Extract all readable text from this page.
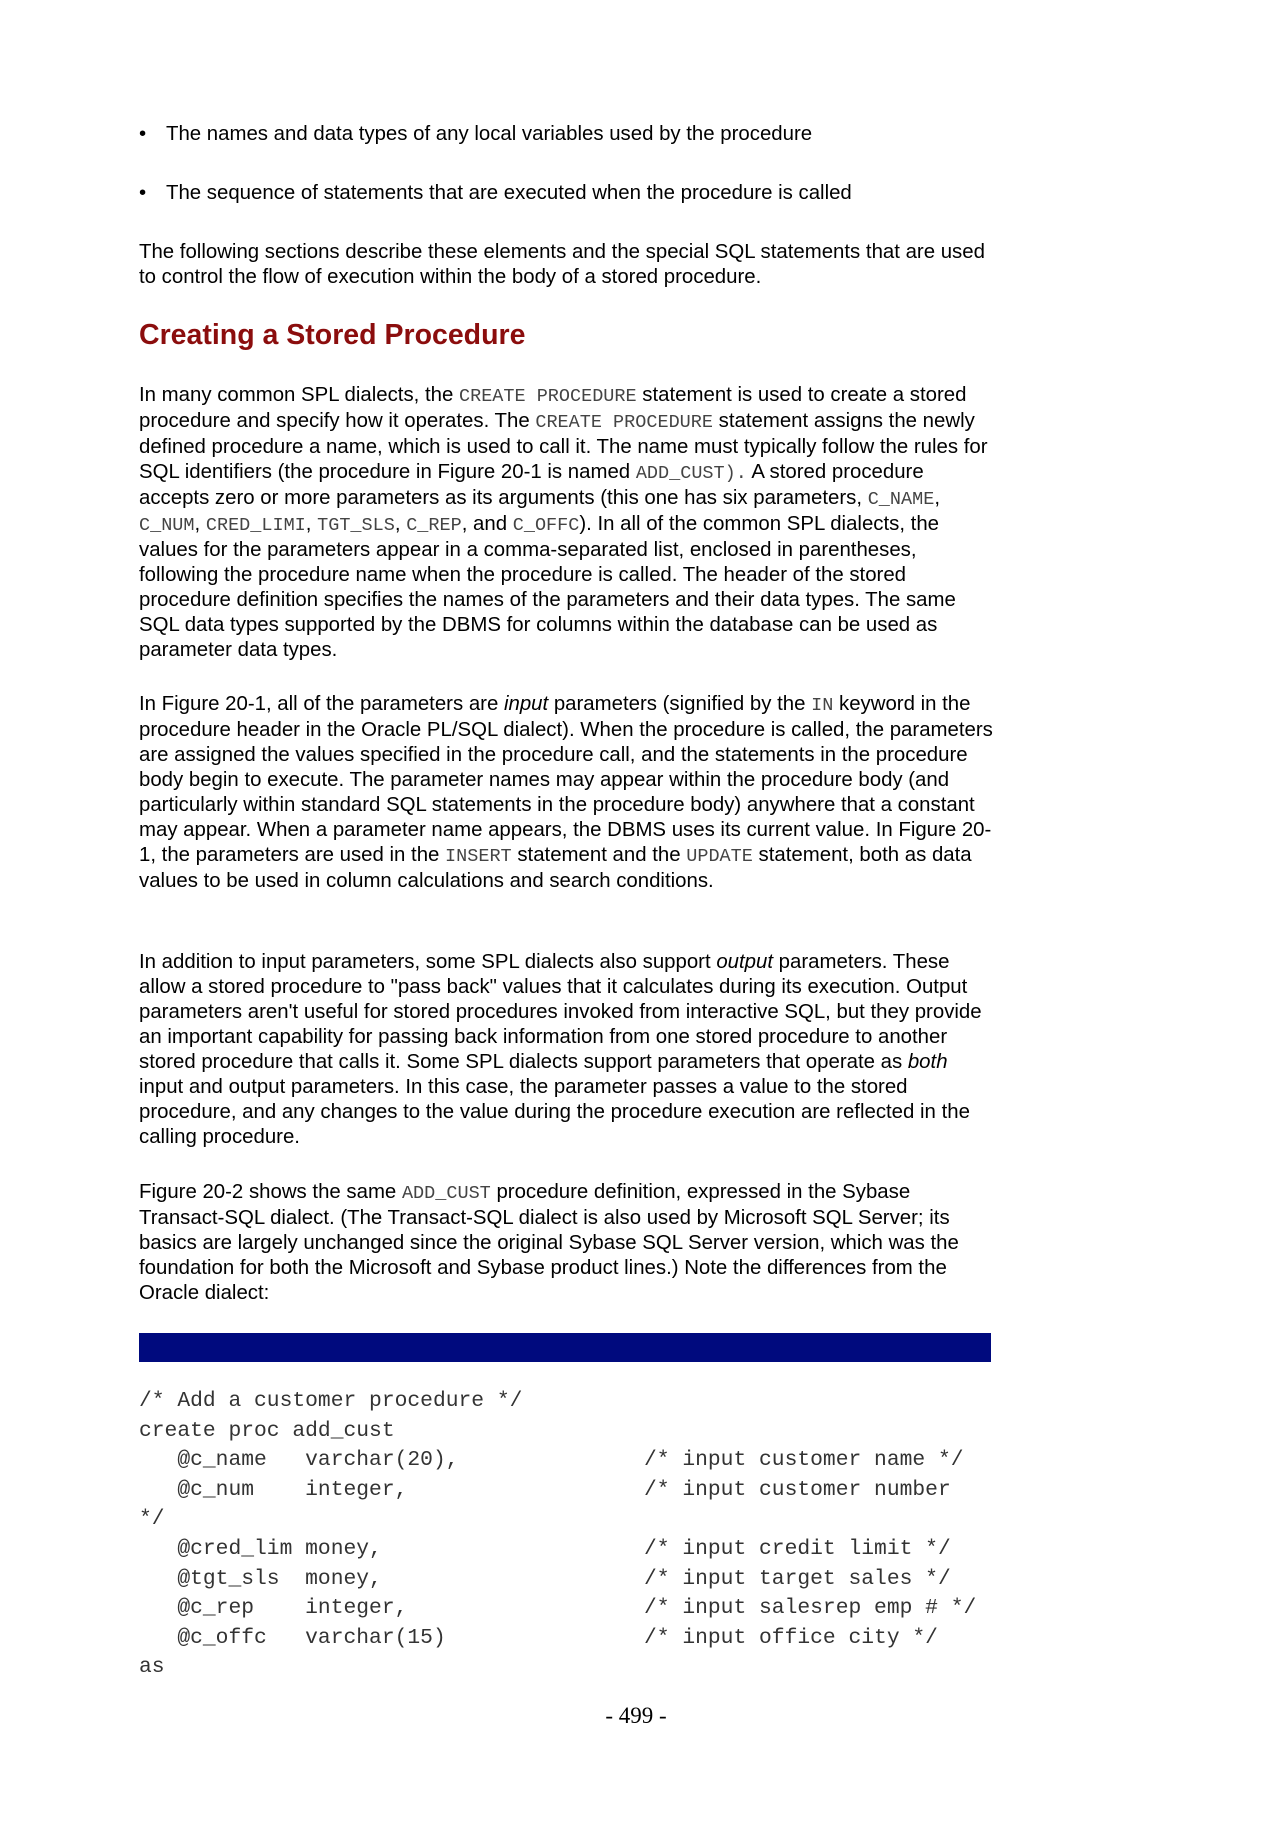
• The names and data types of any local variables used by the procedure
• The sequence of statements that are executed when the procedure is called

The following sections describe these elements and the special SQL statements that are used to control the flow of execution within the body of a stored procedure.

Creating a Stored Procedure

In many common SPL dialects, the CREATE PROCEDURE statement is used to create a stored procedure and specify how it operates. The CREATE PROCEDURE statement assigns the newly defined procedure a name, which is used to call it. The name must typically follow the rules for SQL identifiers (the procedure in Figure 20-1 is named ADD_CUST). A stored procedure accepts zero or more parameters as its arguments (this one has six parameters, C_NAME, C_NUM, CRED_LIMI, TGT_SLS, C_REP, and C_OFFC). In all of the common SPL dialects, the values for the parameters appear in a comma-separated list, enclosed in parentheses, following the procedure name when the procedure is called. The header of the stored procedure definition specifies the names of the parameters and their data types. The same SQL data types supported by the DBMS for columns within the database can be used as parameter data types.

In Figure 20-1, all of the parameters are input parameters (signified by the IN keyword in the procedure header in the Oracle PL/SQL dialect). When the procedure is called, the parameters are assigned the values specified in the procedure call, and the statements in the procedure body begin to execute. The parameter names may appear within the procedure body (and particularly within standard SQL statements in the procedure body) anywhere that a constant may appear. When a parameter name appears, the DBMS uses its current value. In Figure 20-1, the parameters are used in the INSERT statement and the UPDATE statement, both as data values to be used in column calculations and search conditions.

In addition to input parameters, some SPL dialects also support output parameters. These allow a stored procedure to "pass back" values that it calculates during its execution. Output parameters aren't useful for stored procedures invoked from interactive SQL, but they provide an important capability for passing back information from one stored procedure to another stored procedure that calls it. Some SPL dialects support parameters that operate as both input and output parameters. In this case, the parameter passes a value to the stored procedure, and any changes to the value during the procedure execution are reflected in the calling procedure.

Figure 20-2 shows the same ADD_CUST procedure definition, expressed in the Sybase Transact-SQL dialect. (The Transact-SQL dialect is also used by Microsoft SQL Server; its basics are largely unchanged since the original Sybase SQL Server version, which was the foundation for both the Microsoft and Sybase product lines.) Note the differences from the Oracle dialect:

/* Add a customer procedure */

create proc add_cust

@c_name   varchar(20),

	/* input customer name */

@c_num    integer,

	/* input customer number

*/

@cred_lim money,

	/* input credit limit */

@tgt_sls  money,

	/* input target sales */

@c_rep    integer,

	/* input salesrep emp # */

@c_offc   varchar(15)

	/* input office city */

as

- 499 -
